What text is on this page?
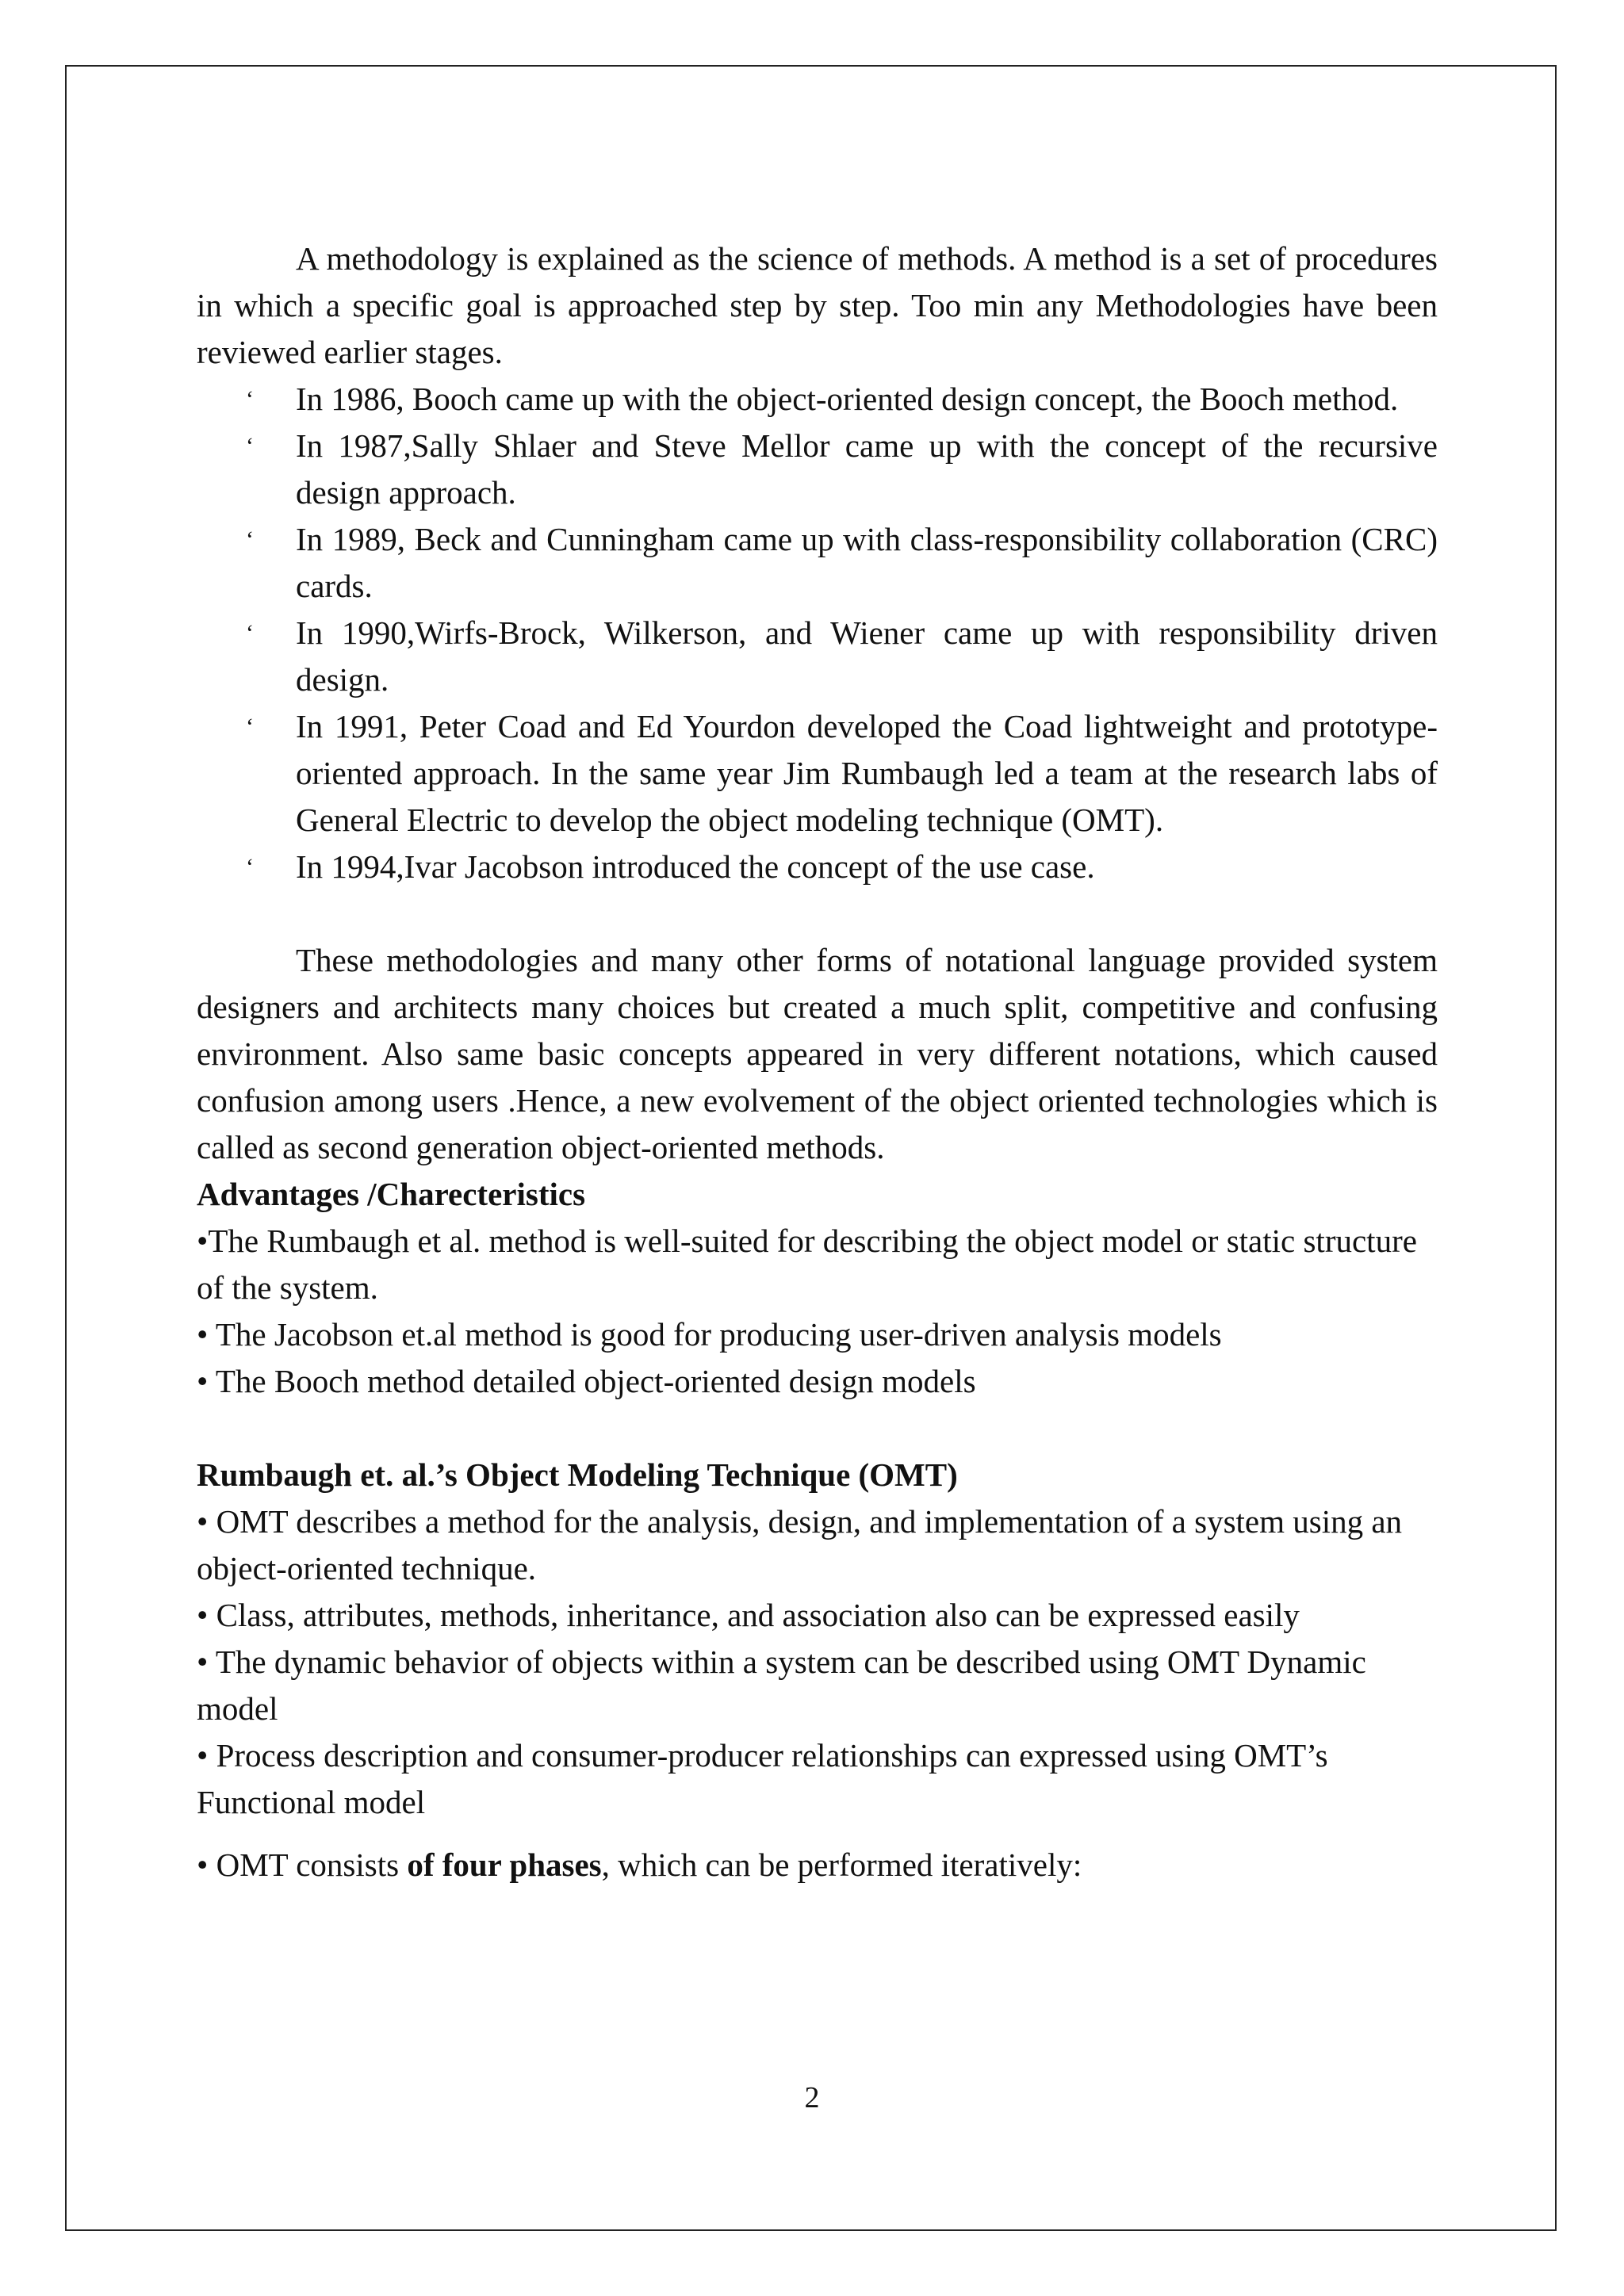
A methodology is explained as the science of methods. A method is a set of procedures in which a specific goal is approached step by step. Too min any Methodologies have been reviewed earlier stages.

‘ In 1986, Booch came up with the object-oriented design concept, the Booch method.
‘ In 1987,Sally Shlaer and Steve Mellor came up with the concept of the recursive design approach.
‘ In 1989, Beck and Cunningham came up with class-responsibility collaboration (CRC) cards.
‘ In 1990,Wirfs-Brock, Wilkerson, and Wiener came up with responsibility driven design.
‘ In 1991, Peter Coad and Ed Yourdon developed the Coad lightweight and prototype-oriented approach. In the same year Jim Rumbaugh led a team at the research labs of General Electric to develop the object modeling technique (OMT).
‘ In 1994,Ivar Jacobson introduced the concept of the use case.

These methodologies and many other forms of notational language provided system designers and architects many choices but created a much split, competitive and confusing environment. Also same basic concepts appeared in very different notations, which caused confusion among users .Hence, a new evolvement of the object oriented technologies which is called as second generation object-oriented methods.

Advantages /Charecteristics

•The Rumbaugh et al. method is well-suited for describing the object model or static structure of the system.

• The Jacobson et.al method is good for producing user-driven analysis models

• The Booch method detailed object-oriented design models

Rumbaugh et. al.’s Object Modeling Technique (OMT)

• OMT describes a method for the analysis, design, and implementation of a system using an object-oriented technique.

• Class, attributes, methods, inheritance, and association also can be expressed easily

• The dynamic behavior of objects within a system can be described using OMT Dynamic model

• Process description and consumer-producer relationships can expressed using OMT’s Functional model

• OMT consists of four phases, which can be performed iteratively:

2
